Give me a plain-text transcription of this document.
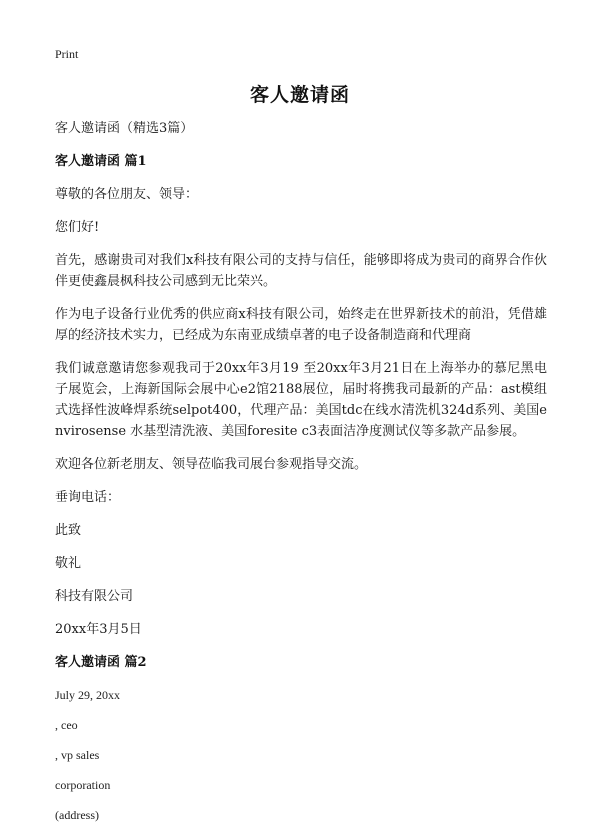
Print
客人邀请函

客人邀请函（精选3篇）

客人邀请函 篇1

尊敬的各位朋友、领导：

您们好!

首先，感谢贵司对我们x科技有限公司的支持与信任，能够即将成为贵司的商界合作伙伴更使鑫晨枫科技公司感到无比荣兴。

作为电子设备行业优秀的供应商x科技有限公司，始终走在世界新技术的前沿，凭借雄厚的经济技术实力，已经成为东南亚成绩卓著的电子设备制造商和代理商

我们诚意邀请您参观我司于20xx年3月19 至20xx年3月21日在上海举办的慕尼黑电子展览会，上海新国际会展中心e2馆2188展位，届时将携我司最新的产品：ast模组式选择性波峰焊系统selpot400，代理产品：美国tdc在线水清洗机324d系列、美国envirosense 水基型清洗液、美国foresite c3表面洁净度测试仪等多款产品参展。

欢迎各位新老朋友、领导莅临我司展台参观指导交流。

垂询电话：

此致

敬礼

科技有限公司

20xx年3月5日

客人邀请函 篇2

July 29, 20xx

, ceo

, vp sales

corporation

(address)
